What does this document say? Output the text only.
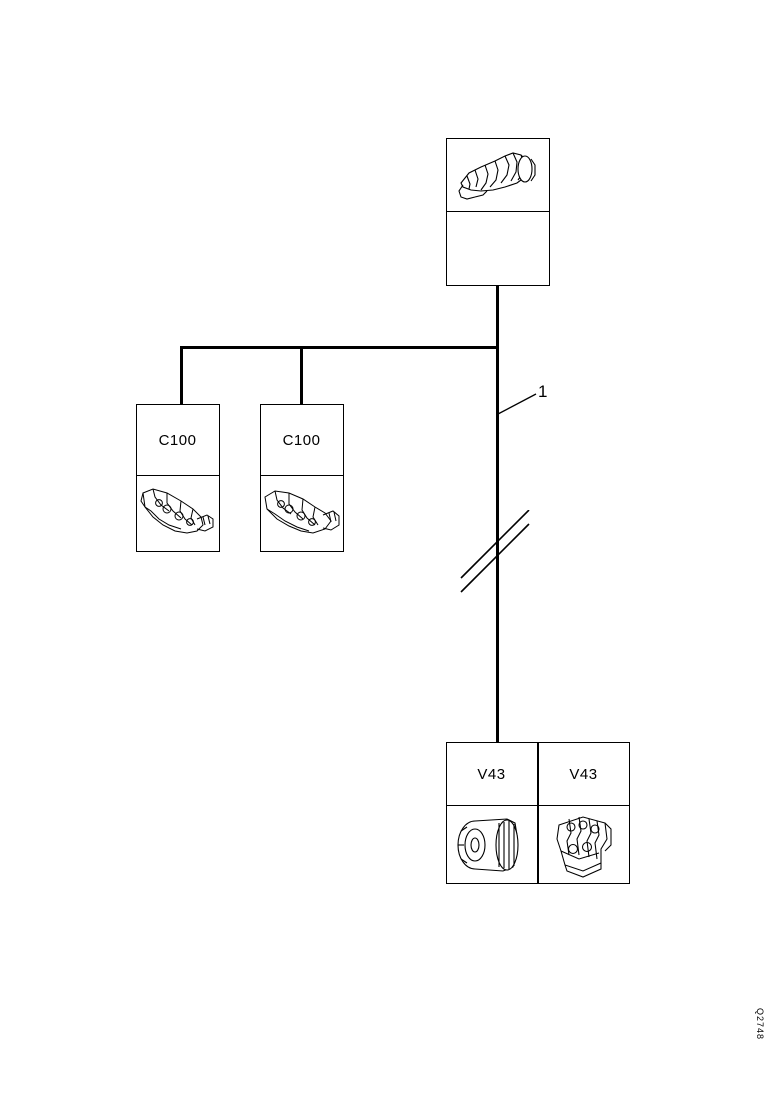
1
C100	C100
V43	V43
Q2748
